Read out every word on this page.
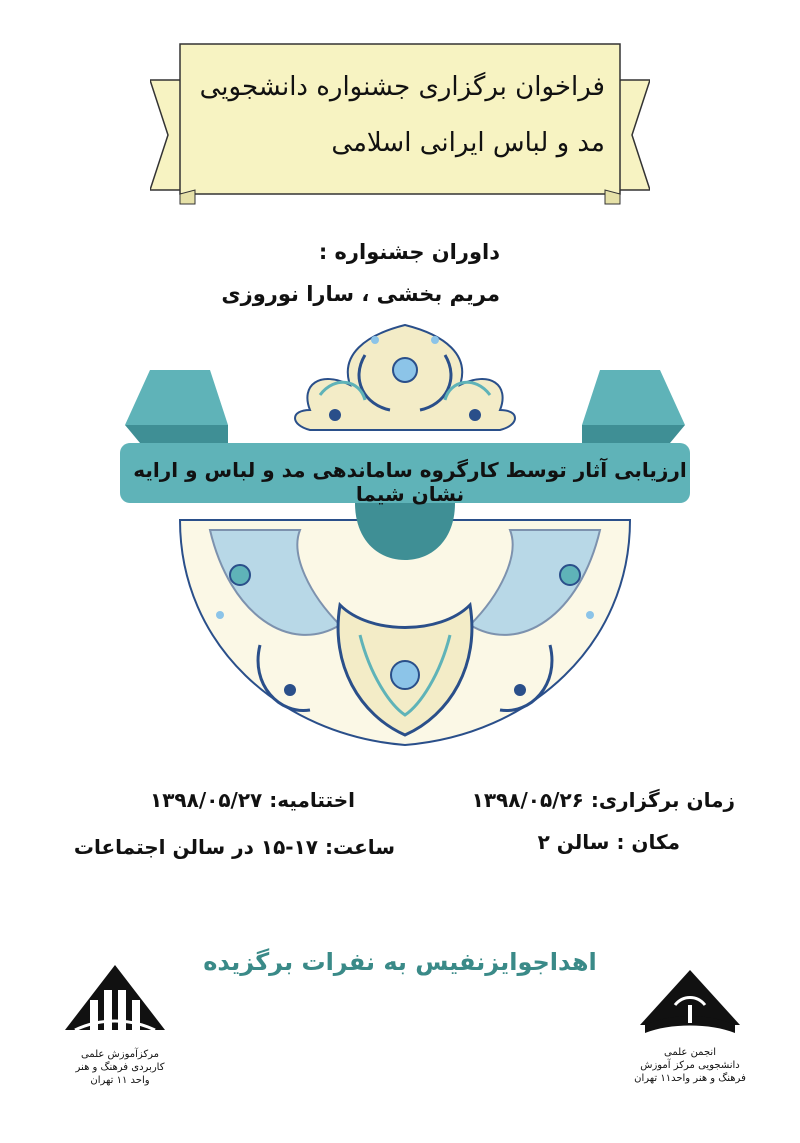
فراخوان برگزاری جشنواره دانشجویی
مد و لباس ایرانی اسلامی
داوران جشنواره :
مریم بخشی ، سارا نوروزی
ارزیابی آثار توسط کارگروه ساماندهی مد و لباس و ارایه نشان شیما
زمان برگزاری: ۱۳۹۸/۰۵/۲۶
مکان : سالن ۲
اختتامیه: ۱۳۹۸/۰۵/۲۷
ساعت: ۱۷-۱۵ در سالن اجتماعات
اهداجوایزنفیس به نفرات برگزیده
مرکزآموزش علمی
کاربردی فرهنگ و هنر
واحد ۱۱ تهران
انجمن علمی
دانشجویی مرکز آموزش
فرهنگ و هنر واحد۱۱ تهران
